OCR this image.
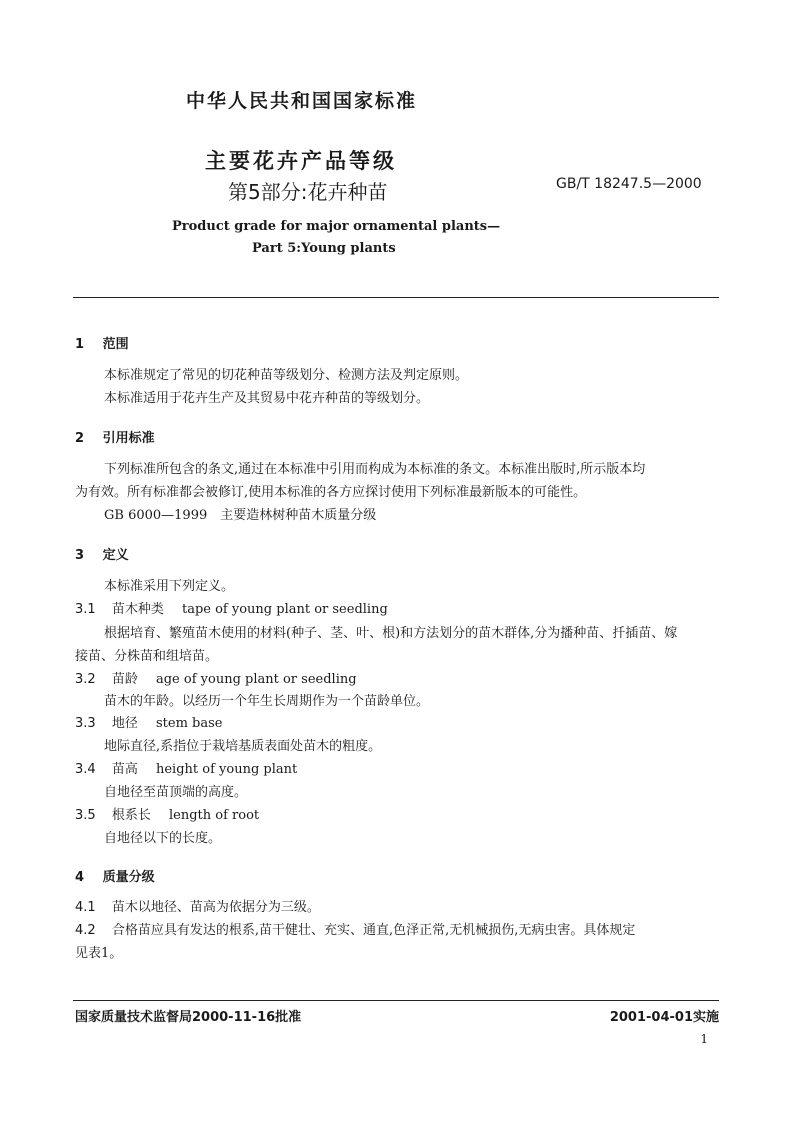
中华人民共和国国家标准
主要花卉产品等级
第5部分:花卉种苗	GB/T 18247.5—2000
Product grade for major ornamental plants—
Part 5:Young plants
1 范围
本标准规定了常见的切花种苗等级划分、检测方法及判定原则。
本标准适用于花卉生产及其贸易中花卉种苗的等级划分。
2 引用标准
下列标准所包含的条文,通过在本标准中引用而构成为本标准的条文。本标准出版时,所示版本均
为有效。所有标准都会被修订,使用本标准的各方应探讨使用下列标准最新版本的可能性。
GB 6000—1999　主要造林树种苗木质量分级
3 定义
本标准采用下列定义。
3.1 苗木种类 tape of young plant or seedling
根据培育、繁殖苗木使用的材料(种子、茎、叶、根)和方法划分的苗木群体,分为播种苗、扦插苗、嫁
接苗、分株苗和组培苗。
3.2 苗龄 age of young plant or seedling
苗木的年龄。以经历一个年生长周期作为一个苗龄单位。
3.3 地径 stem base
地际直径,系指位于栽培基质表面处苗木的粗度。
3.4 苗高 height of young plant
自地径至苗顶端的高度。
3.5 根系长 length of root
自地径以下的长度。
4 质量分级
4.1 苗木以地径、苗高为依据分为三级。
4.2 合格苗应具有发达的根系,苗干健壮、充实、通直,色泽正常,无机械损伤,无病虫害。具体规定
见表1。
国家质量技术监督局2000-11-16批准	2001-04-01实施
1
